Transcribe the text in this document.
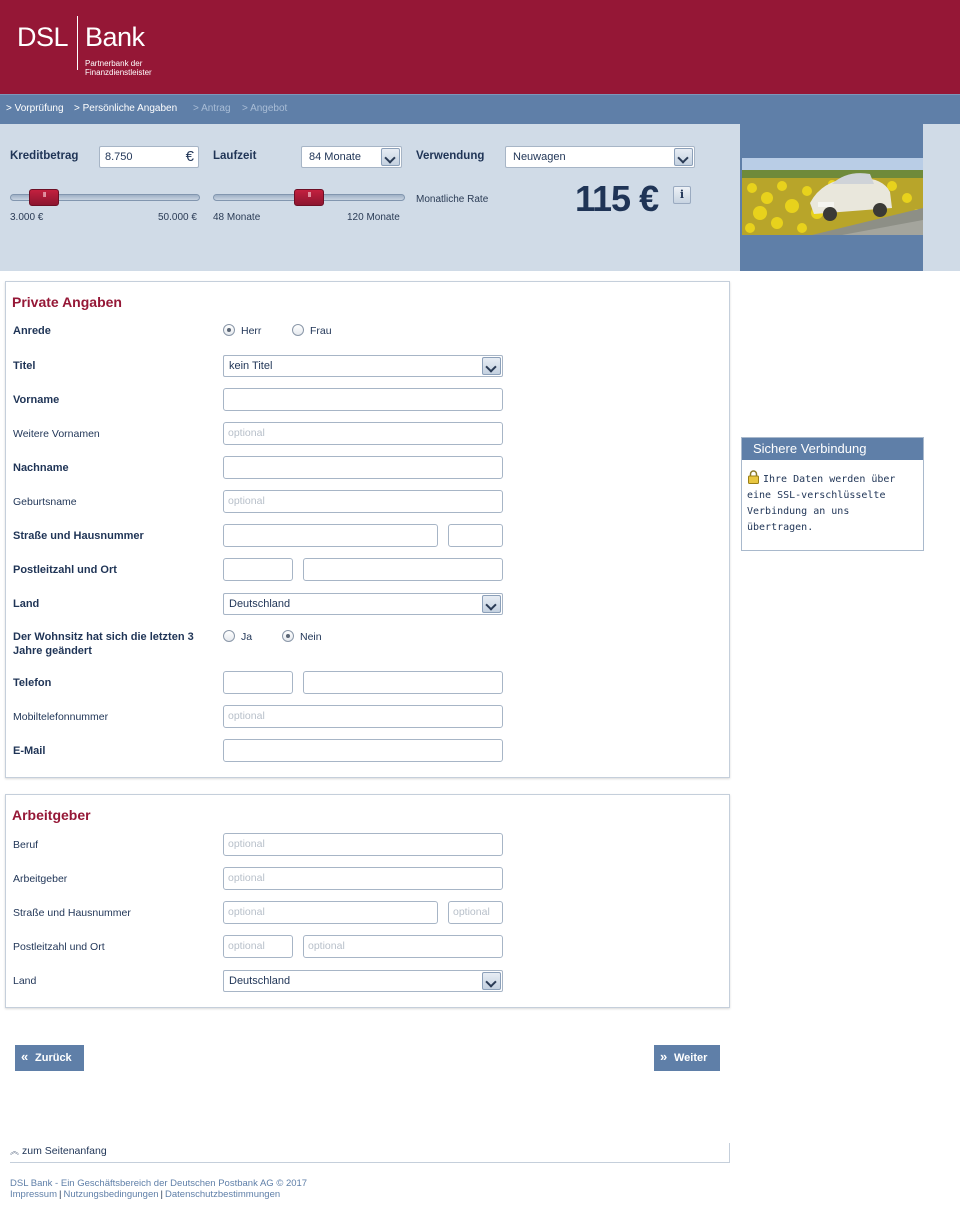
DSL Bank
Partnerbank der Finanzdienstleister
> Vorprüfung > Persönliche Angaben > Antrag > Angebot
Kreditbetrag 8.750	€ Laufzeit	84 Monate	Verwendung	Neuwagen
III
3.000 €	50.000 €
III 48 Monate	120 Monate
Monatliche Rate 115 €	i
Private Angaben
Anrede	Herr	Frau
Titel	kein Titel
Vorname
Weitere Vornamen	optional
Nachname
Geburtsname	optional
Straße und Hausnummer
Postleitzahl und Ort
Land	Deutschland
Der Wohnsitz hat sich die letzten 3 Jahre geändert
Ja	Nein
Telefon
Mobiltelefonnummer	optional
E-Mail
Arbeitgeber
Beruf	optional
Arbeitgeber	optional
Straße und Hausnummer	optional	optional
Postleitzahl und Ort	optional	optional
Land	Deutschland
Sichere Verbindung
Ihre Daten werden über eine SSL-verschlüsselte Verbindung an uns übertragen.
« Zurück	» Weiter
︽ zum Seitenanfang
DSL Bank - Ein Geschäftsbereich der Deutschen Postbank AG © 2017
Impressum | Nutzungsbedingungen | Datenschutzbestimmungen
